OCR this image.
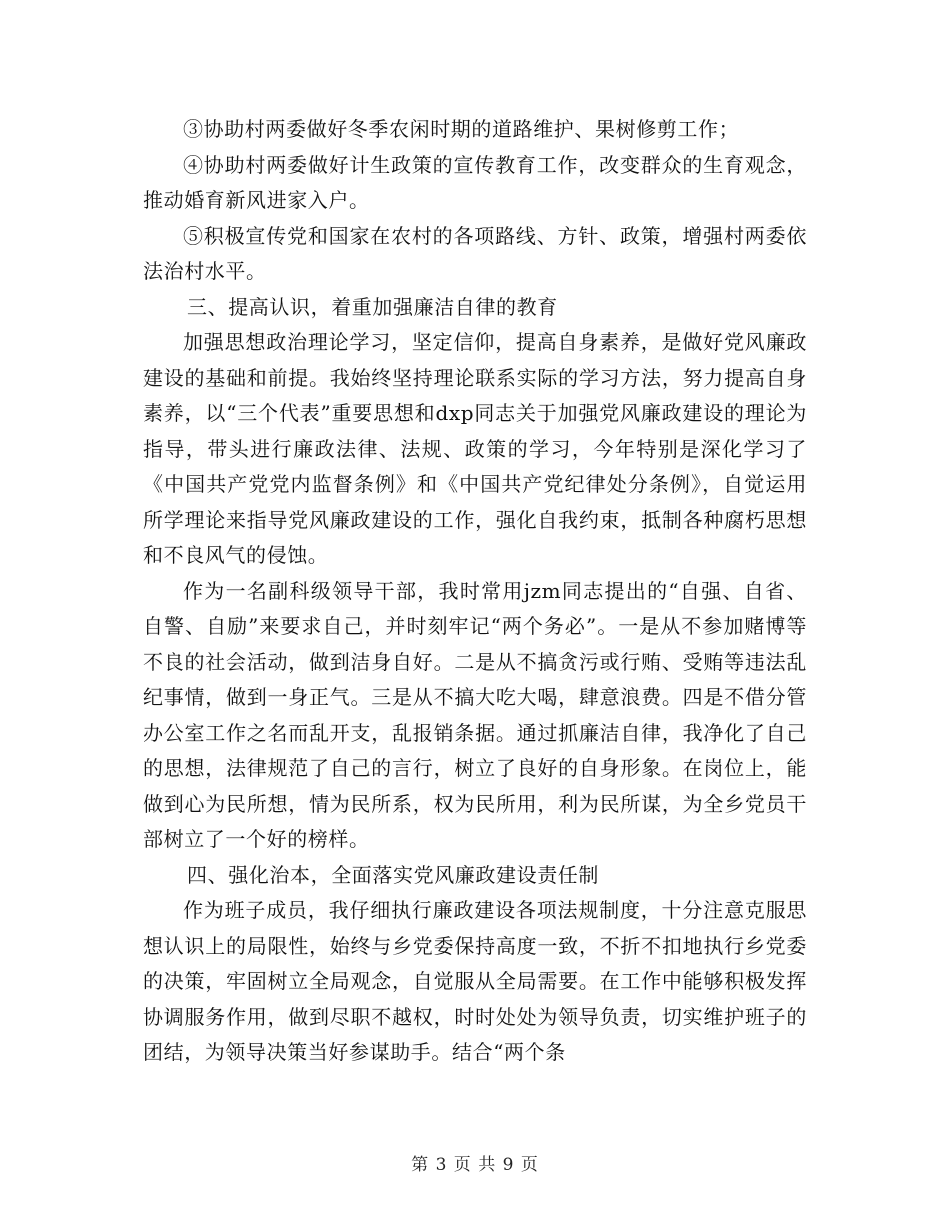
③协助村两委做好冬季农闲时期的道路维护、果树修剪工作；

④协助村两委做好计生政策的宣传教育工作，改变群众的生育观念，推动婚育新风进家入户。

⑤积极宣传党和国家在农村的各项路线、方针、政策，增强村两委依法治村水平。

三、提高认识，着重加强廉洁自律的教育

加强思想政治理论学习，坚定信仰，提高自身素养，是做好党风廉政建设的基础和前提。我始终坚持理论联系实际的学习方法，努力提高自身素养，以“三个代表”重要思想和dxp同志关于加强党风廉政建设的理论为指导，带头进行廉政法律、法规、政策的学习，今年特别是深化学习了《中国共产党党内监督条例》和《中国共产党纪律处分条例》，自觉运用所学理论来指导党风廉政建设的工作，强化自我约束，抵制各种腐朽思想和不良风气的侵蚀。

作为一名副科级领导干部，我时常用jzm同志提出的“自强、自省、自警、自励”来要求自己，并时刻牢记“两个务必”。一是从不参加赌博等不良的社会活动，做到洁身自好。二是从不搞贪污或行贿、受贿等违法乱纪事情，做到一身正气。三是从不搞大吃大喝，肆意浪费。四是不借分管办公室工作之名而乱开支，乱报销条据。通过抓廉洁自律，我净化了自己的思想，法律规范了自己的言行，树立了良好的自身形象。在岗位上，能做到心为民所想，情为民所系，权为民所用，利为民所谋，为全乡党员干部树立了一个好的榜样。

四、强化治本，全面落实党风廉政建设责任制

作为班子成员，我仔细执行廉政建设各项法规制度，十分注意克服思想认识上的局限性，始终与乡党委保持高度一致，不折不扣地执行乡党委的决策，牢固树立全局观念，自觉服从全局需要。在工作中能够积极发挥协调服务作用，做到尽职不越权，时时处处为领导负责，切实维护班子的团结，为领导决策当好参谋助手。结合“两个条

第 3 页 共 9 页
